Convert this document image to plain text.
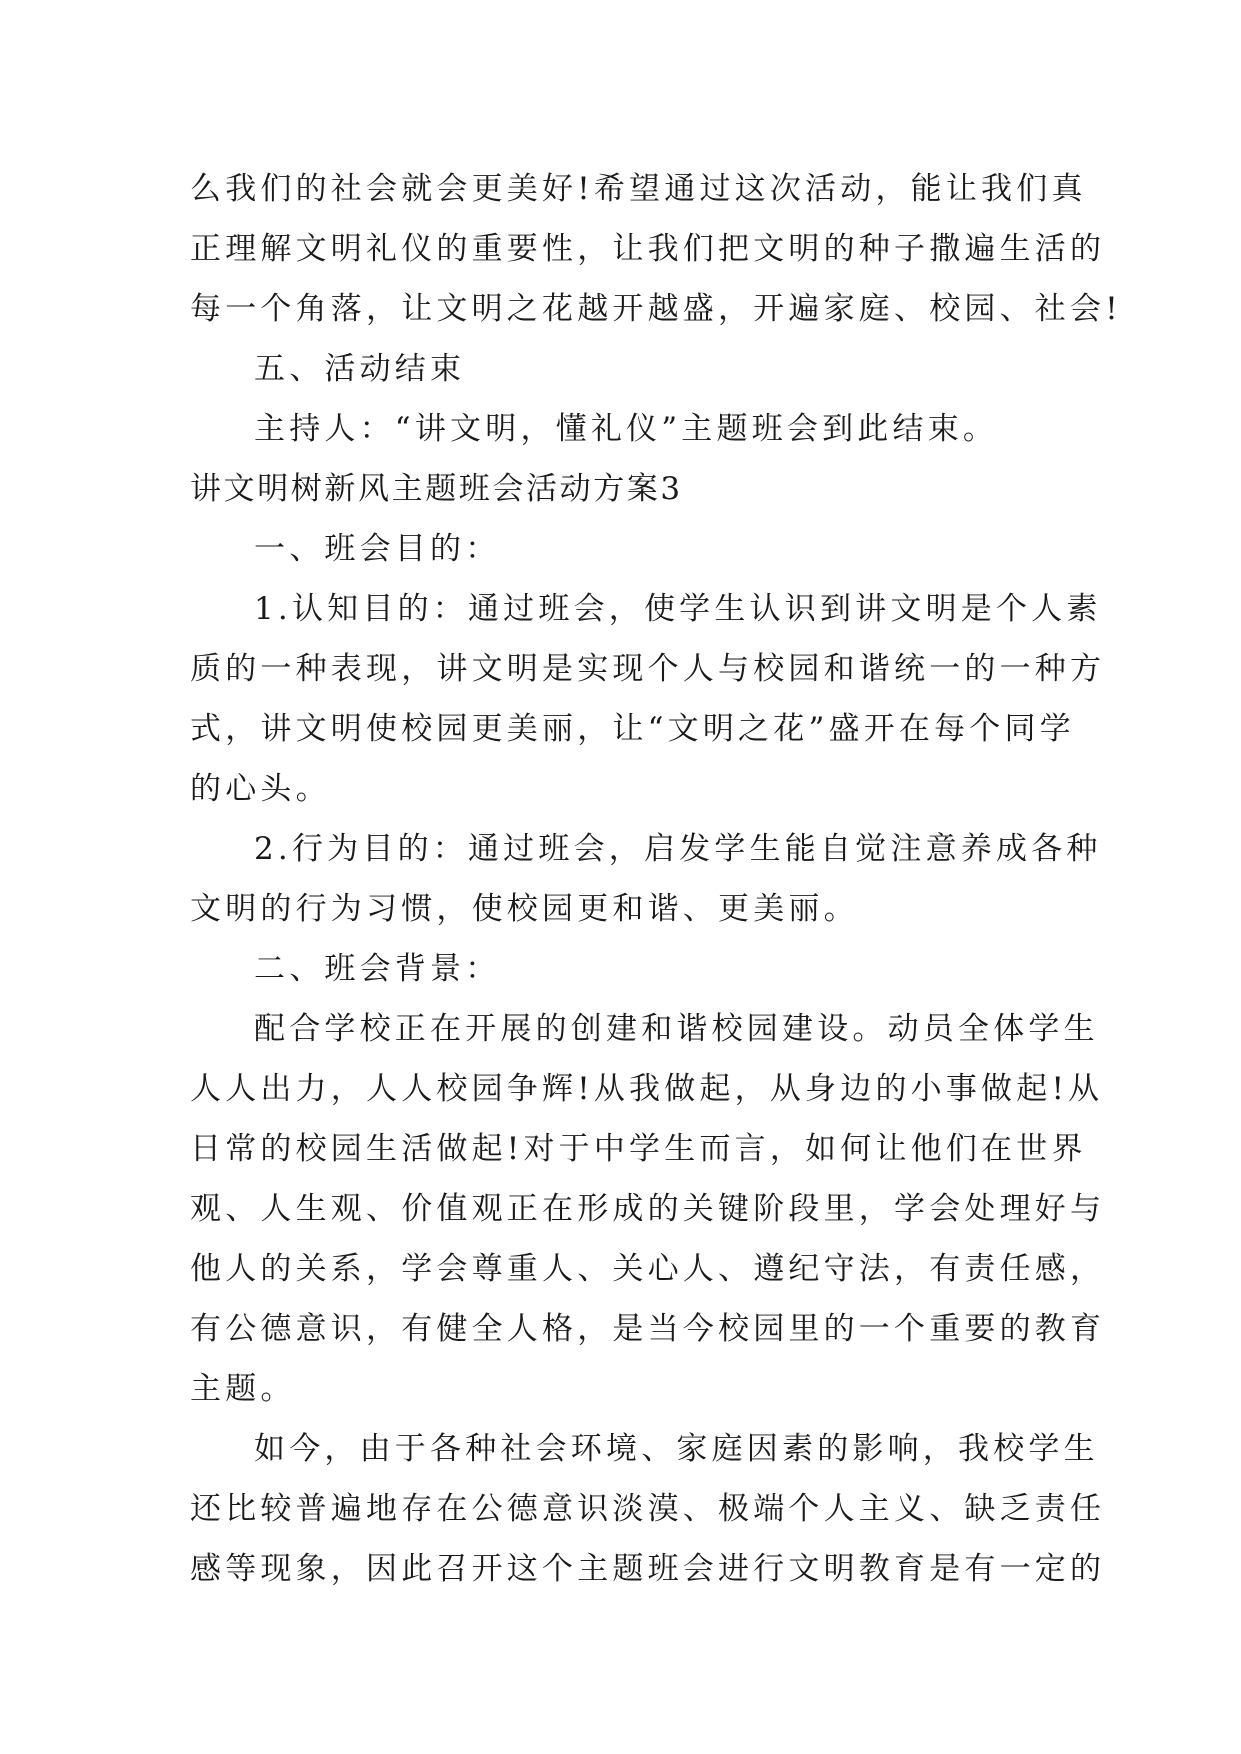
么我们的社会就会更美好!希望通过这次活动，能让我们真
正理解文明礼仪的重要性，让我们把文明的种子撒遍生活的
每一个角落，让文明之花越开越盛，开遍家庭、校园、社会!
五、活动结束
主持人：“讲文明，懂礼仪”主题班会到此结束。
讲文明树新风主题班会活动方案3
一、班会目的：
1.认知目的：通过班会，使学生认识到讲文明是个人素
质的一种表现，讲文明是实现个人与校园和谐统一的一种方
式，讲文明使校园更美丽，让“文明之花”盛开在每个同学
的心头。
2.行为目的：通过班会，启发学生能自觉注意养成各种
文明的行为习惯，使校园更和谐、更美丽。
二、班会背景：
配合学校正在开展的创建和谐校园建设。动员全体学生
人人出力，人人校园争辉!从我做起，从身边的小事做起!从
日常的校园生活做起!对于中学生而言，如何让他们在世界
观、人生观、价值观正在形成的关键阶段里，学会处理好与
他人的关系，学会尊重人、关心人、遵纪守法，有责任感，
有公德意识，有健全人格，是当今校园里的一个重要的教育
主题。
如今，由于各种社会环境、家庭因素的影响，我校学生
还比较普遍地存在公德意识淡漠、极端个人主义、缺乏责任
感等现象，因此召开这个主题班会进行文明教育是有一定的
